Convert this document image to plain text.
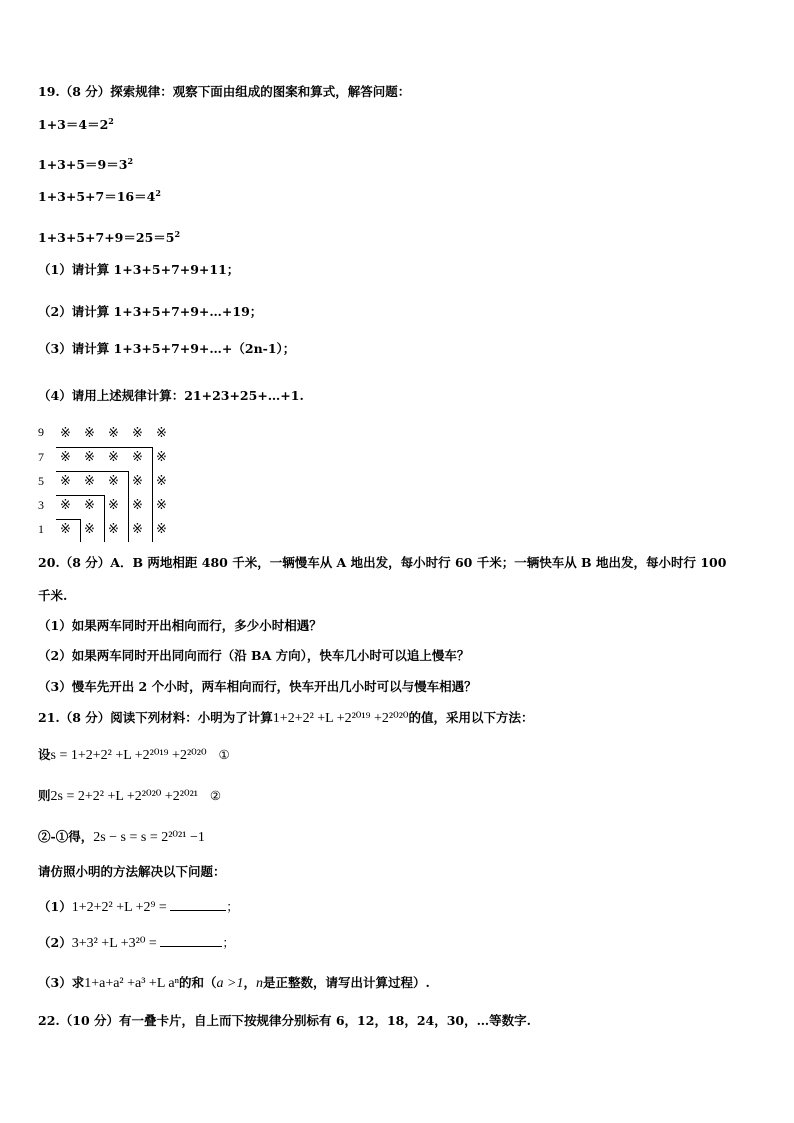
19.（8 分）探索规律：观察下面由组成的图案和算式，解答问题：
$1+3=4=2^2$
$1+3+5=9=3^2$
$1+3+5+7=16=4^2$
$1+3+5+7+9=25=5^2$
（1）请计算 1+3+5+7+9+11；
（2）请计算 1+3+5+7+9+…+19；
（3）请计算 1+3+5+7+9+…+（2n-1）；
（4）请用上述规律计算：21+23+25+…+1.
9
7
5
3
1
※ ※ ※ ※ ※
※ ※ ※ ※ ※
※ ※ ※ ※ ※
※ ※ ※ ※ ※
※ ※ ※ ※ ※
20.（8 分）A．B 两地相距 480 千米，一辆慢车从 A 地出发，每小时行 60 千米；一辆快车从 B 地出发，每小时行 100
千米.
（1）如果两车同时开出相向而行，多少小时相遇？
（2）如果两车同时开出同向而行（沿 BA 方向），快车几小时可以追上慢车？
（3）慢车先开出 2 个小时，两车相向而行，快车开出几小时可以与慢车相遇？
21.（8 分）阅读下列材料：小明为了计算1+2+2² +L +2²⁰¹⁹ +2²⁰²⁰的值，采用以下方法：
设s = 1+2+2² +L +2²⁰¹⁹ +2²⁰²⁰ ①
则2s = 2+2² +L +2²⁰²⁰ +2²⁰²¹ ②
②-①得，2s − s = s = 2²⁰²¹ −1
请仿照小明的方法解决以下问题：
（1）1+2+2² +L +2⁹ =	；
（2）3+3² +L +3²⁰ =	；
（3）求1+a+a² +a³ +L aⁿ的和（a >1，n是正整数，请写出计算过程）.
22.（10 分）有一叠卡片，自上而下按规律分别标有 6，12，18，24，30，…等数字.
